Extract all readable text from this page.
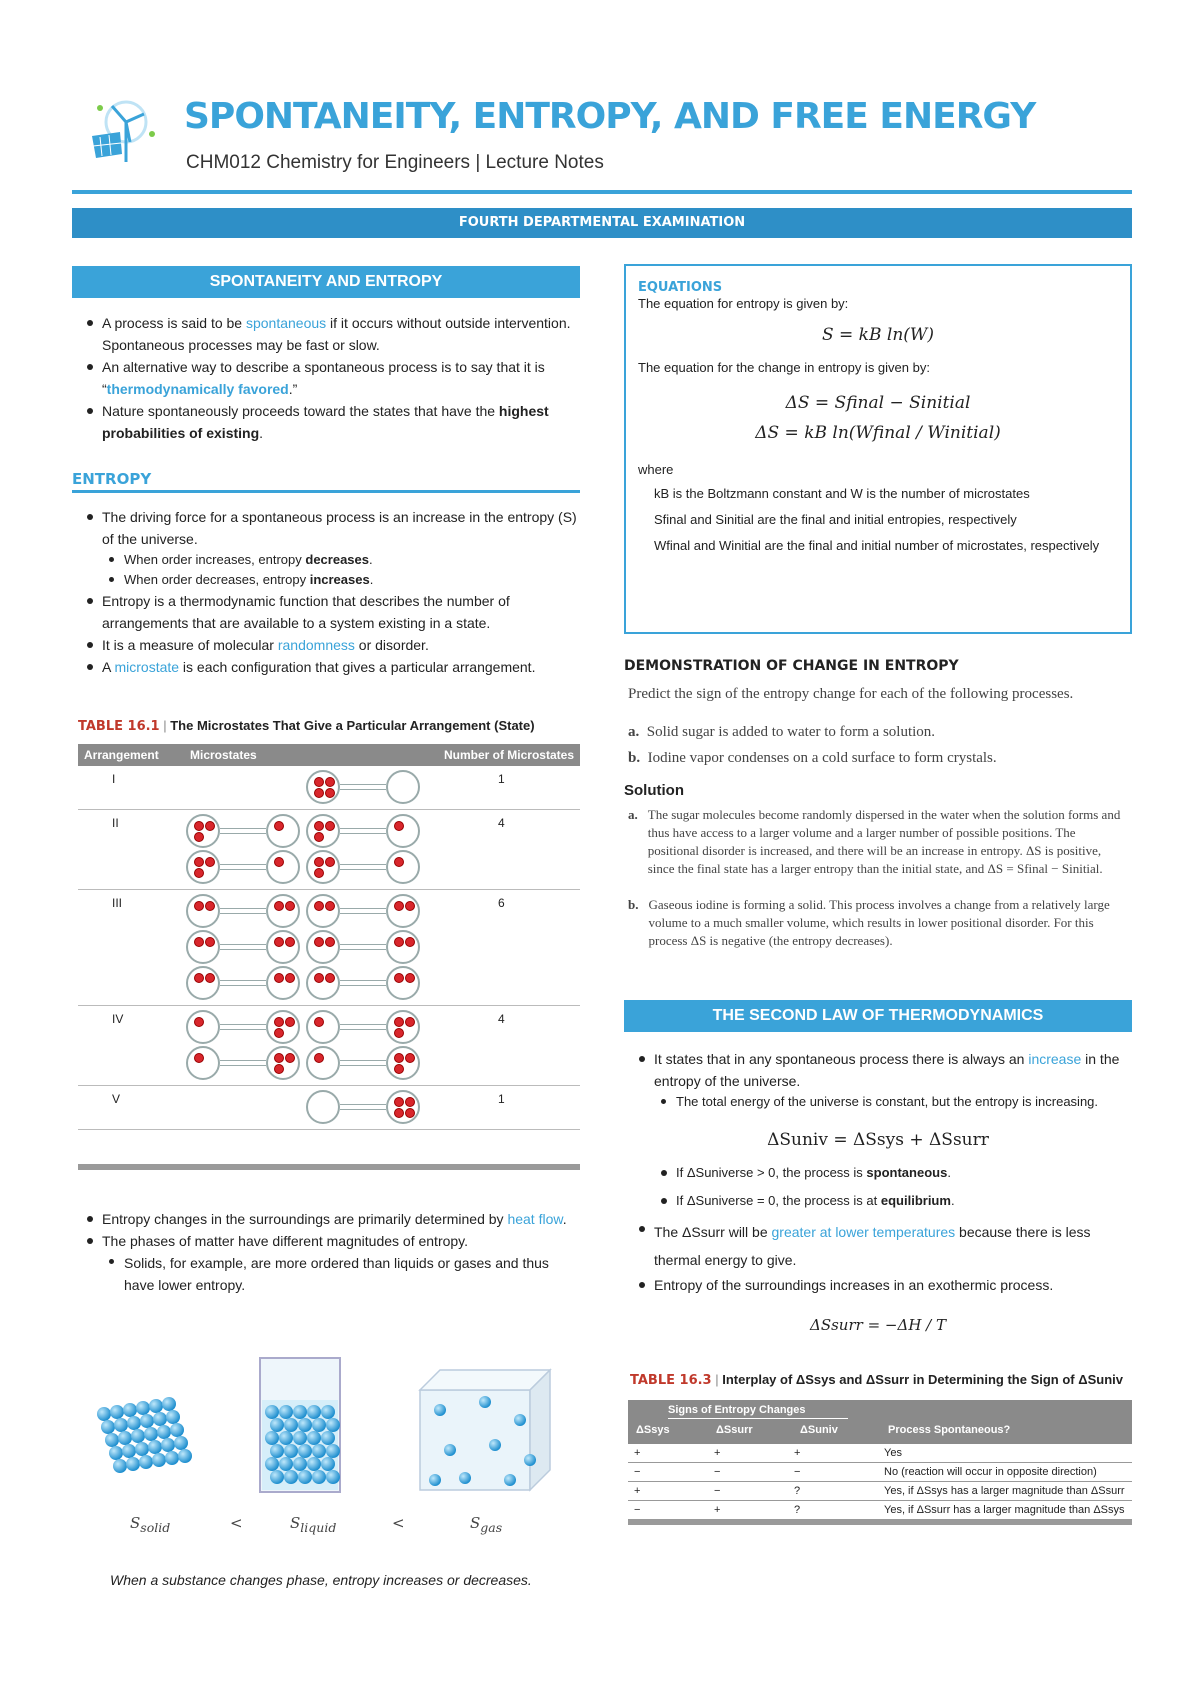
SPONTANEITY, ENTROPY, AND FREE ENERGY
CHM012 Chemistry for Engineers | Lecture Notes
FOURTH DEPARTMENTAL EXAMINATION
SPONTANEITY AND ENTROPY
A process is said to be spontaneous if it occurs without outside intervention. Spontaneous processes may be fast or slow.
An alternative way to describe a spontaneous process is to say that it is “thermodynamically favored.”
Nature spontaneously proceeds toward the states that have the highest probabilities of existing.
ENTROPY
The driving force for a spontaneous process is an increase in the entropy (S) of the universe.
When order increases, entropy decreases.
When order decreases, entropy increases.
Entropy is a thermodynamic function that describes the number of arrangements that are available to a system existing in a state.
It is a measure of molecular randomness or disorder.
A microstate is each configuration that gives a particular arrangement.
TABLE 16.1 | The Microstates That Give a Particular Arrangement (State)
Arrangement	Microstates	Number of Microstates
I	1
II	4
III	6
IV	4
V	1
Entropy changes in the surroundings are primarily determined by heat flow.
The phases of matter have different magnitudes of entropy.
Solids, for example, are more ordered than liquids or gases and thus have lower entropy.
$S_{solid}$	<	$S_{liquid}$	<	$S_{gas}$
When a substance changes phase, entropy increases or decreases.
EQUATIONS
The equation for entropy is given by:
S = kB ln(W)
The equation for the change in entropy is given by:
ΔS = Sfinal − Sinitial
ΔS = kB ln(Wfinal / Winitial)
where
kB is the Boltzmann constant and W is the number of microstates
Sfinal and Sinitial are the final and initial entropies, respectively
Wfinal and Winitial are the final and initial number of microstates, respectively
DEMONSTRATION OF CHANGE IN ENTROPY
Predict the sign of the entropy change for each of the following processes.
a. Solid sugar is added to water to form a solution.
b. Iodine vapor condenses on a cold surface to form crystals.
Solution
a. The sugar molecules become randomly dispersed in the water when the solution forms and thus have access to a larger volume and a larger number of possible positions. The positional disorder is increased, and there will be an increase in entropy. ΔS is positive, since the final state has a larger entropy than the initial state, and ΔS = Sfinal − Sinitial.
b. Gaseous iodine is forming a solid. This process involves a change from a relatively large volume to a much smaller volume, which results in lower positional disorder. For this process ΔS is negative (the entropy decreases).
THE SECOND LAW OF THERMODYNAMICS
It states that in any spontaneous process there is always an increase in the entropy of the universe.
The total energy of the universe is constant, but the entropy is increasing.
ΔSuniv = ΔSsys + ΔSsurr
If ΔSuniverse > 0, the process is spontaneous.
If ΔSuniverse = 0, the process is at equilibrium.
The ΔSsurr will be greater at lower temperatures because there is less thermal energy to give.
Entropy of the surroundings increases in an exothermic process.
ΔSsurr = −ΔH / T
TABLE 16.3 | Interplay of ΔSsys and ΔSsurr in Determining the Sign of ΔSuniv
Signs of Entropy Changes
ΔSsys	ΔSsurr	ΔSuniv	Process Spontaneous?
+	+	+	Yes
−	−	−	No (reaction will occur in opposite direction)
+	−	?	Yes, if ΔSsys has a larger magnitude than ΔSsurr
−	+	?	Yes, if ΔSsurr has a larger magnitude than ΔSsys
